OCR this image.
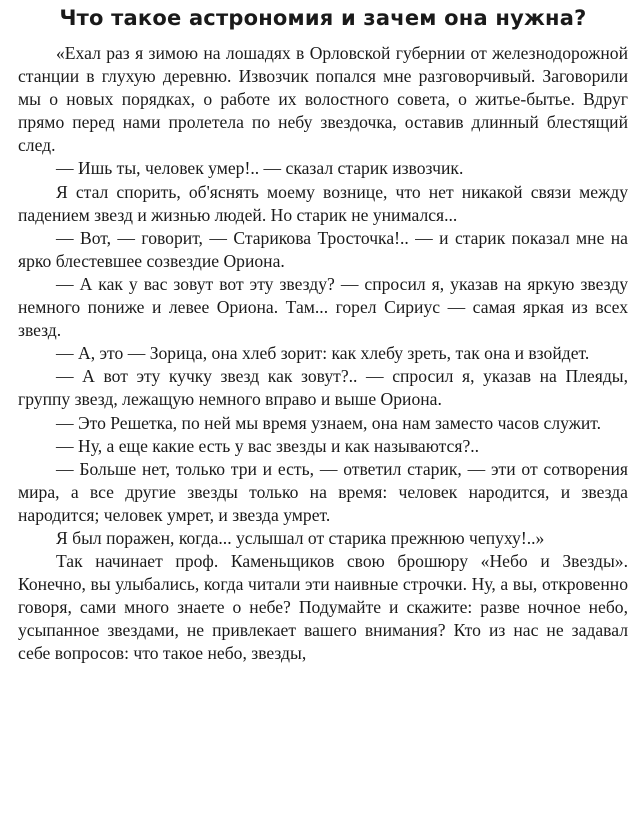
Что такое астрономия и зачем она нужна?

«Ехал раз я зимою на лошадях в Орловской губернии от железнодорожной станции в глухую деревню. Извозчик попался мне разговорчивый. Заговорили мы о новых порядках, о работе их волостного совета, о житье-бытье. Вдруг прямо перед нами пролетела по небу звездочка, оставив длинный блестящий след.

— Ишь ты, человек умер!.. — сказал старик извозчик.

Я стал спорить, об'яснять моему вознице, что нет никакой связи между падением звезд и жизнью людей. Но старик не унимался...

— Вот, — говорит, — Старикова Тросточка!.. — и старик показал мне на ярко блестевшее созвездие Ориона.

— А как у вас зовут вот эту звезду? — спросил я, указав на яркую звезду немного пониже и левее Ориона. Там... горел Сириус — самая яркая из всех звезд.

— А, это — Зорица, она хлеб зорит: как хлебу зреть, так она и взойдет.

— А вот эту кучку звезд как зовут?.. — спросил я, указав на Плеяды, группу звезд, лежащую немного вправо и выше Ориона.

— Это Решетка, по ней мы время узнаем, она нам заместо часов служит.

— Ну, а еще какие есть у вас звезды и как называются?..

— Больше нет, только три и есть, — ответил старик, — эти от сотворения мира, а все другие звезды только на время: человек народится, и звезда народится; человек умрет, и звезда умрет.

Я был поражен, когда... услышал от старика прежнюю чепуху!..»

Так начинает проф. Каменьщиков свою брошюру «Небо и Звезды». Конечно, вы улыбались, когда читали эти наивные строчки. Ну, а вы, откровенно говоря, сами много знаете о небе? Подумайте и скажите: разве ночное небо, усыпанное звездами, не привлекает вашего внимания? Кто из нас не задавал себе вопросов: что такое небо, звезды,
